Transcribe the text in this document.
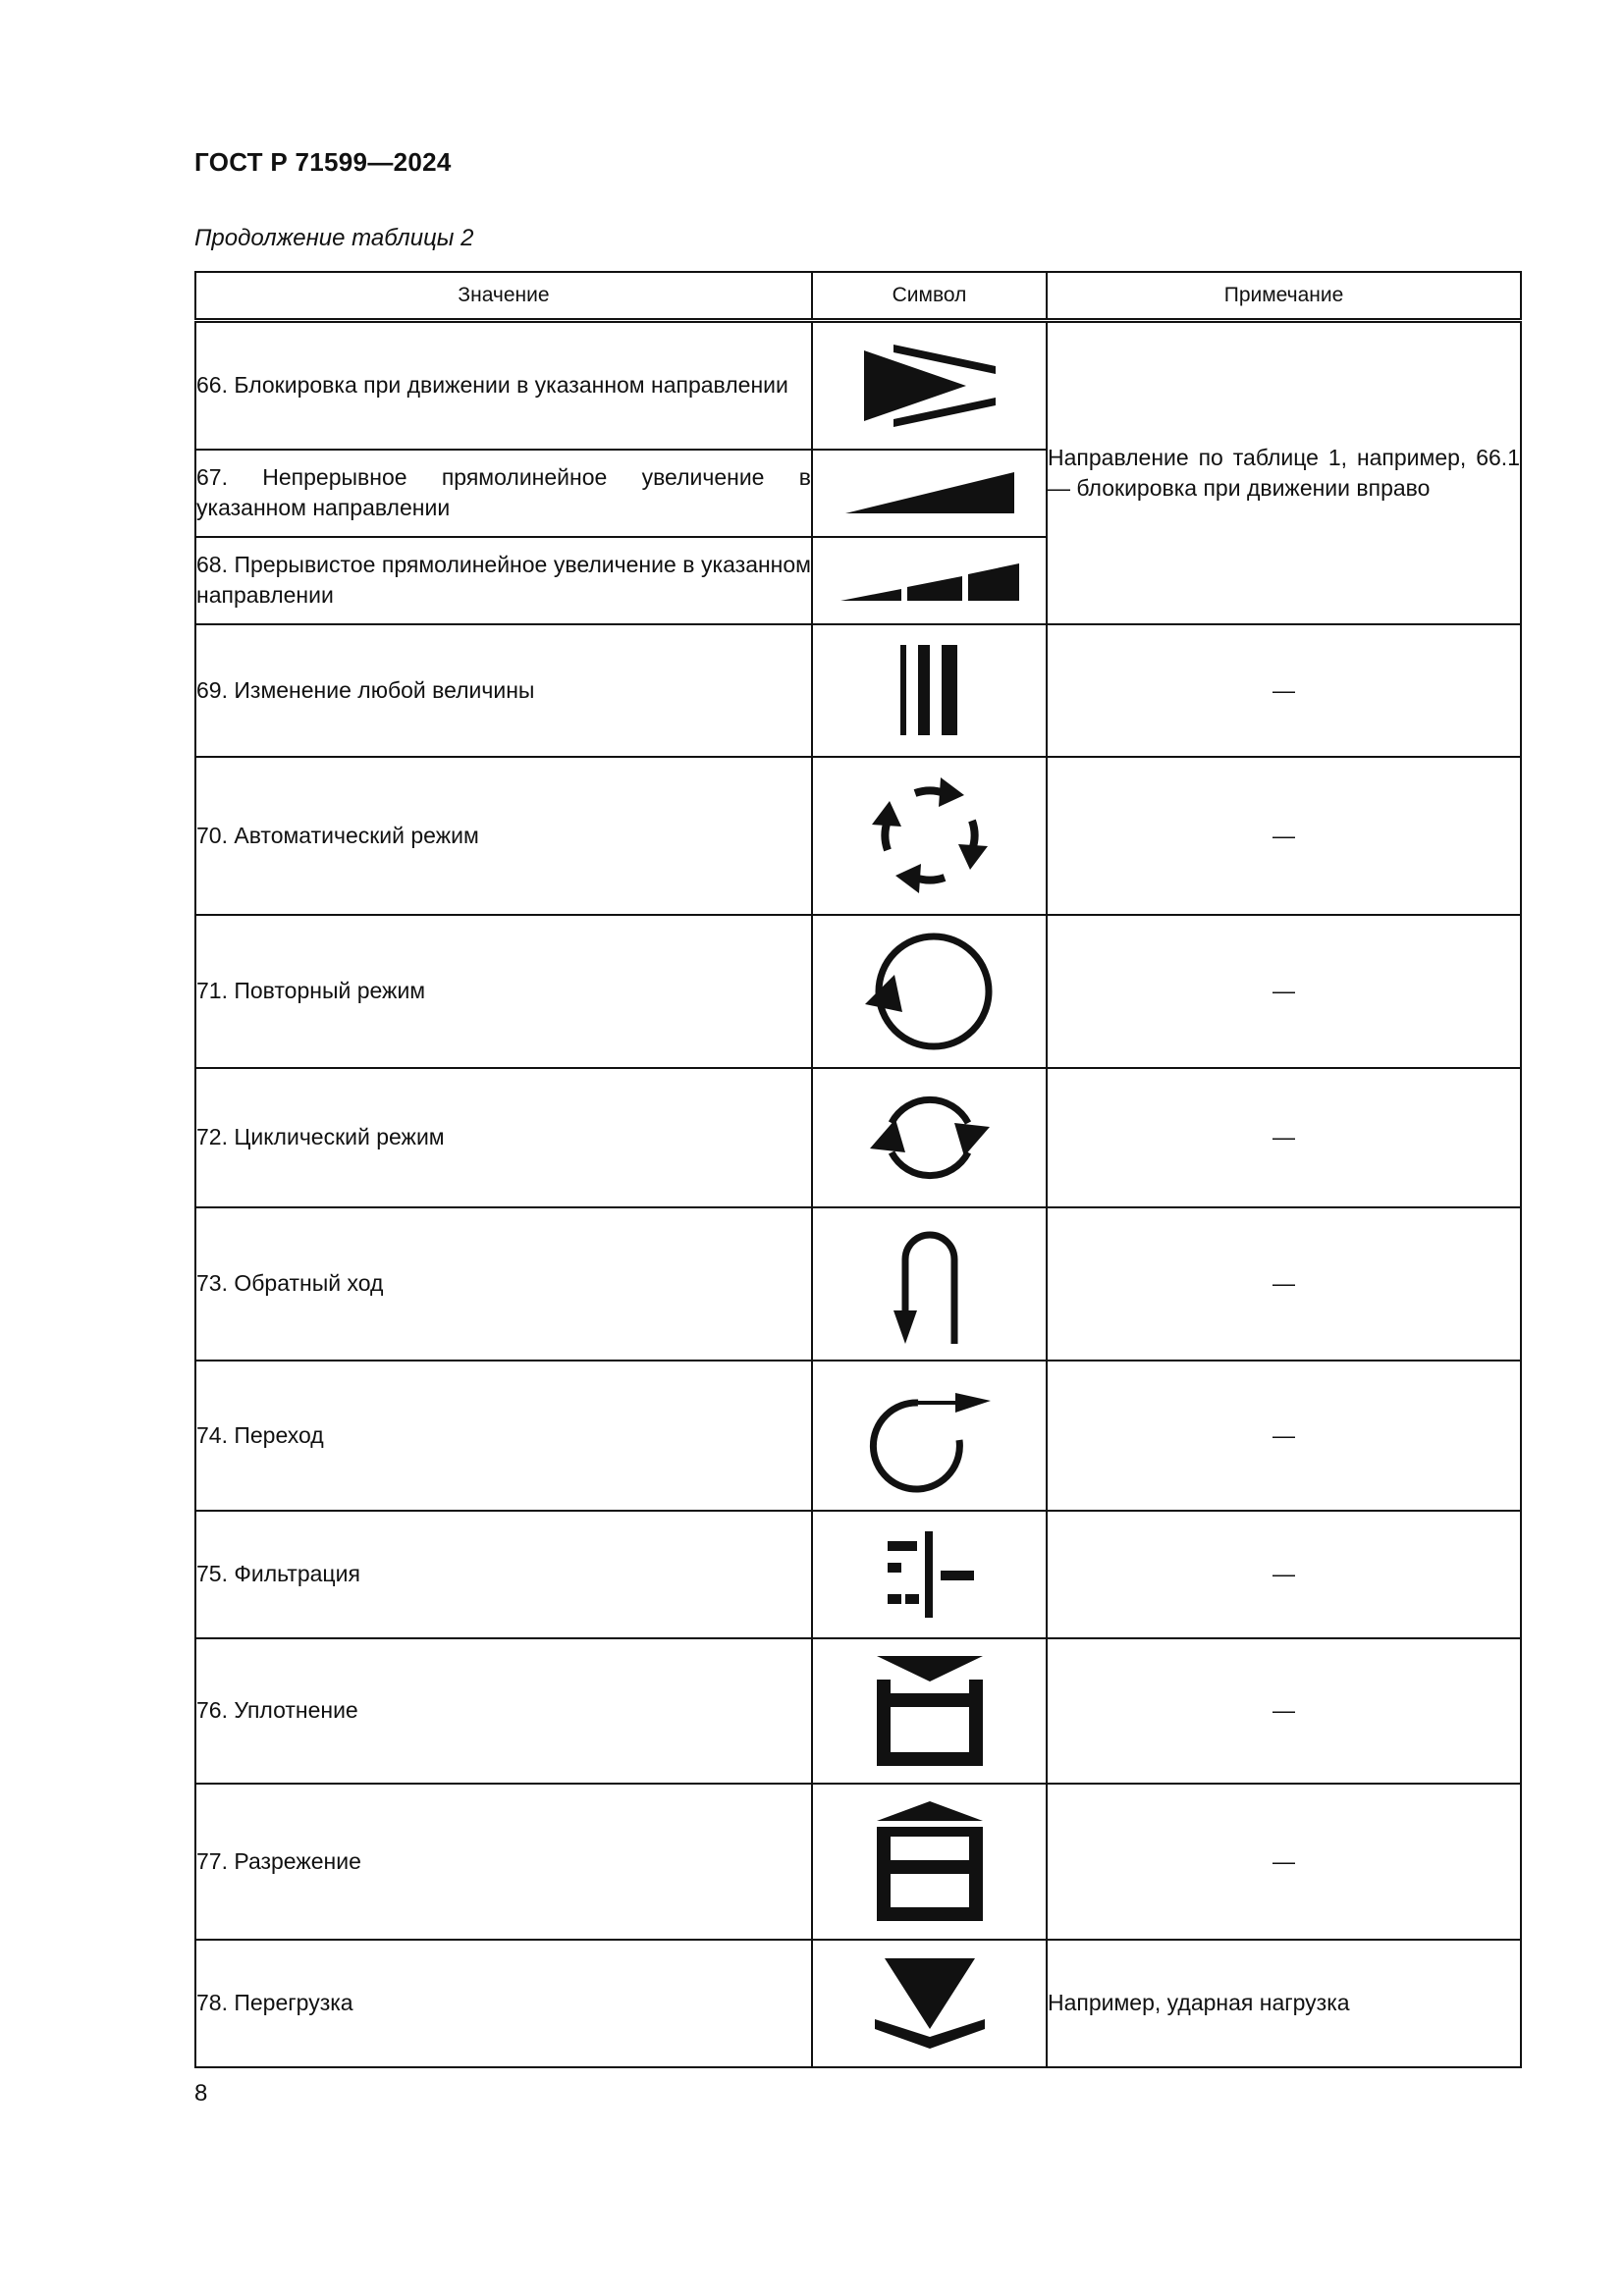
ГОСТ Р 71599—2024
Продолжение таблицы 2
Значение	Символ	Примечание
66. Блокировка при движении в указанном направлении		Направление по таблице 1, например, 66.1 — блокировка при движении вправо
67. Непрерывное прямолинейное увеличение в указанном направлении	

68. Прерывистое прямолинейное увеличение в указанном направлении	

69. Изменение любой величины		—
70. Автоматический режим		—
71. Повторный режим		—
72. Циклический режим		—
73. Обратный ход		—
74. Переход		—
75. Фильтрация		—
76. Уплотнение		—
77. Разрежение		—
78. Перегрузка		Например, ударная нагрузка
8
